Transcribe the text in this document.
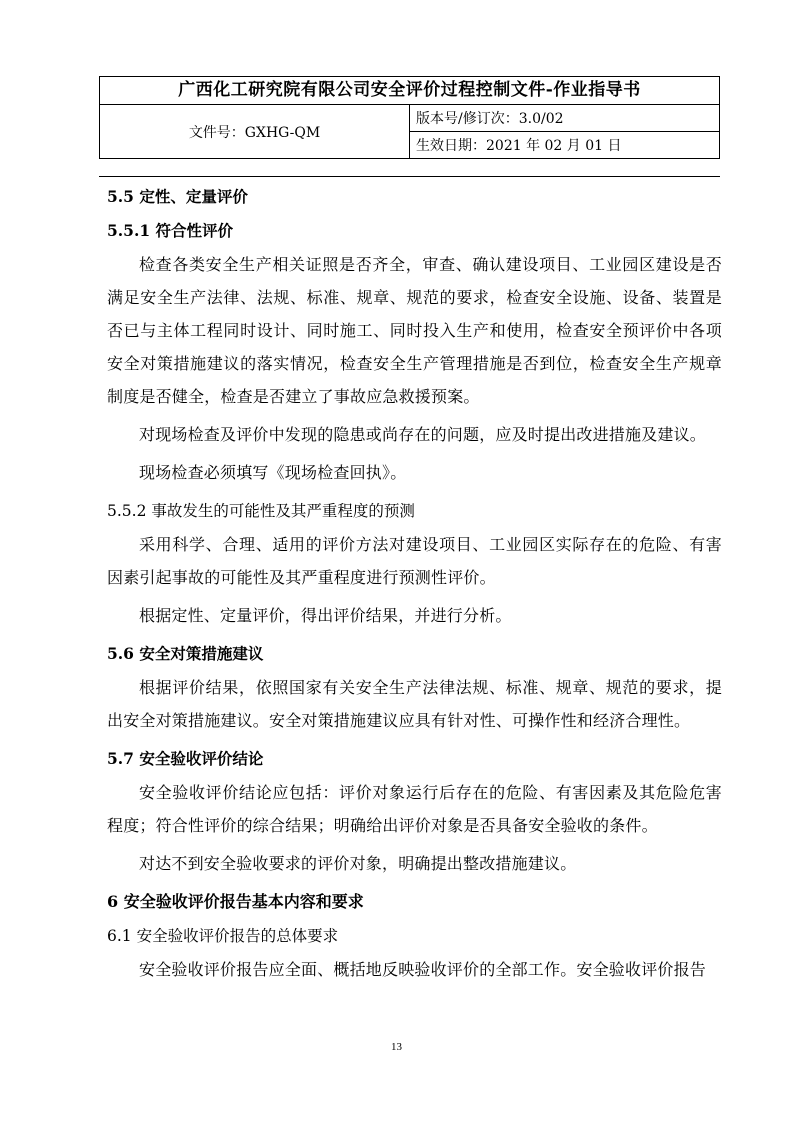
广西化工研究院有限公司安全评价过程控制文件-作业指导书
文件号：GXHG-QM	版本号/修订次：3.0/02
生效日期：2021 年 02 月 01 日
5.5 定性、定量评价
5.5.1 符合性评价

检查各类安全生产相关证照是否齐全，审查、确认建设项目、工业园区建设是否满足安全生产法律、法规、标准、规章、规范的要求，检查安全设施、设备、装置是否已与主体工程同时设计、同时施工、同时投入生产和使用，检查安全预评价中各项安全对策措施建议的落实情况，检查安全生产管理措施是否到位，检查安全生产规章制度是否健全，检查是否建立了事故应急救援预案。

对现场检查及评价中发现的隐患或尚存在的问题，应及时提出改进措施及建议。

现场检查必须填写《现场检查回执》。

5.5.2 事故发生的可能性及其严重程度的预测

采用科学、合理、适用的评价方法对建设项目、工业园区实际存在的危险、有害因素引起事故的可能性及其严重程度进行预测性评价。

根据定性、定量评价，得出评价结果，并进行分析。

5.6 安全对策措施建议

根据评价结果，依照国家有关安全生产法律法规、标准、规章、规范的要求，提出安全对策措施建议。安全对策措施建议应具有针对性、可操作性和经济合理性。

5.7 安全验收评价结论

安全验收评价结论应包括：评价对象运行后存在的危险、有害因素及其危险危害程度；符合性评价的综合结果；明确给出评价对象是否具备安全验收的条件。

对达不到安全验收要求的评价对象，明确提出整改措施建议。

6 安全验收评价报告基本内容和要求
6.1 安全验收评价报告的总体要求

安全验收评价报告应全面、概括地反映验收评价的全部工作。安全验收评价报告

13
